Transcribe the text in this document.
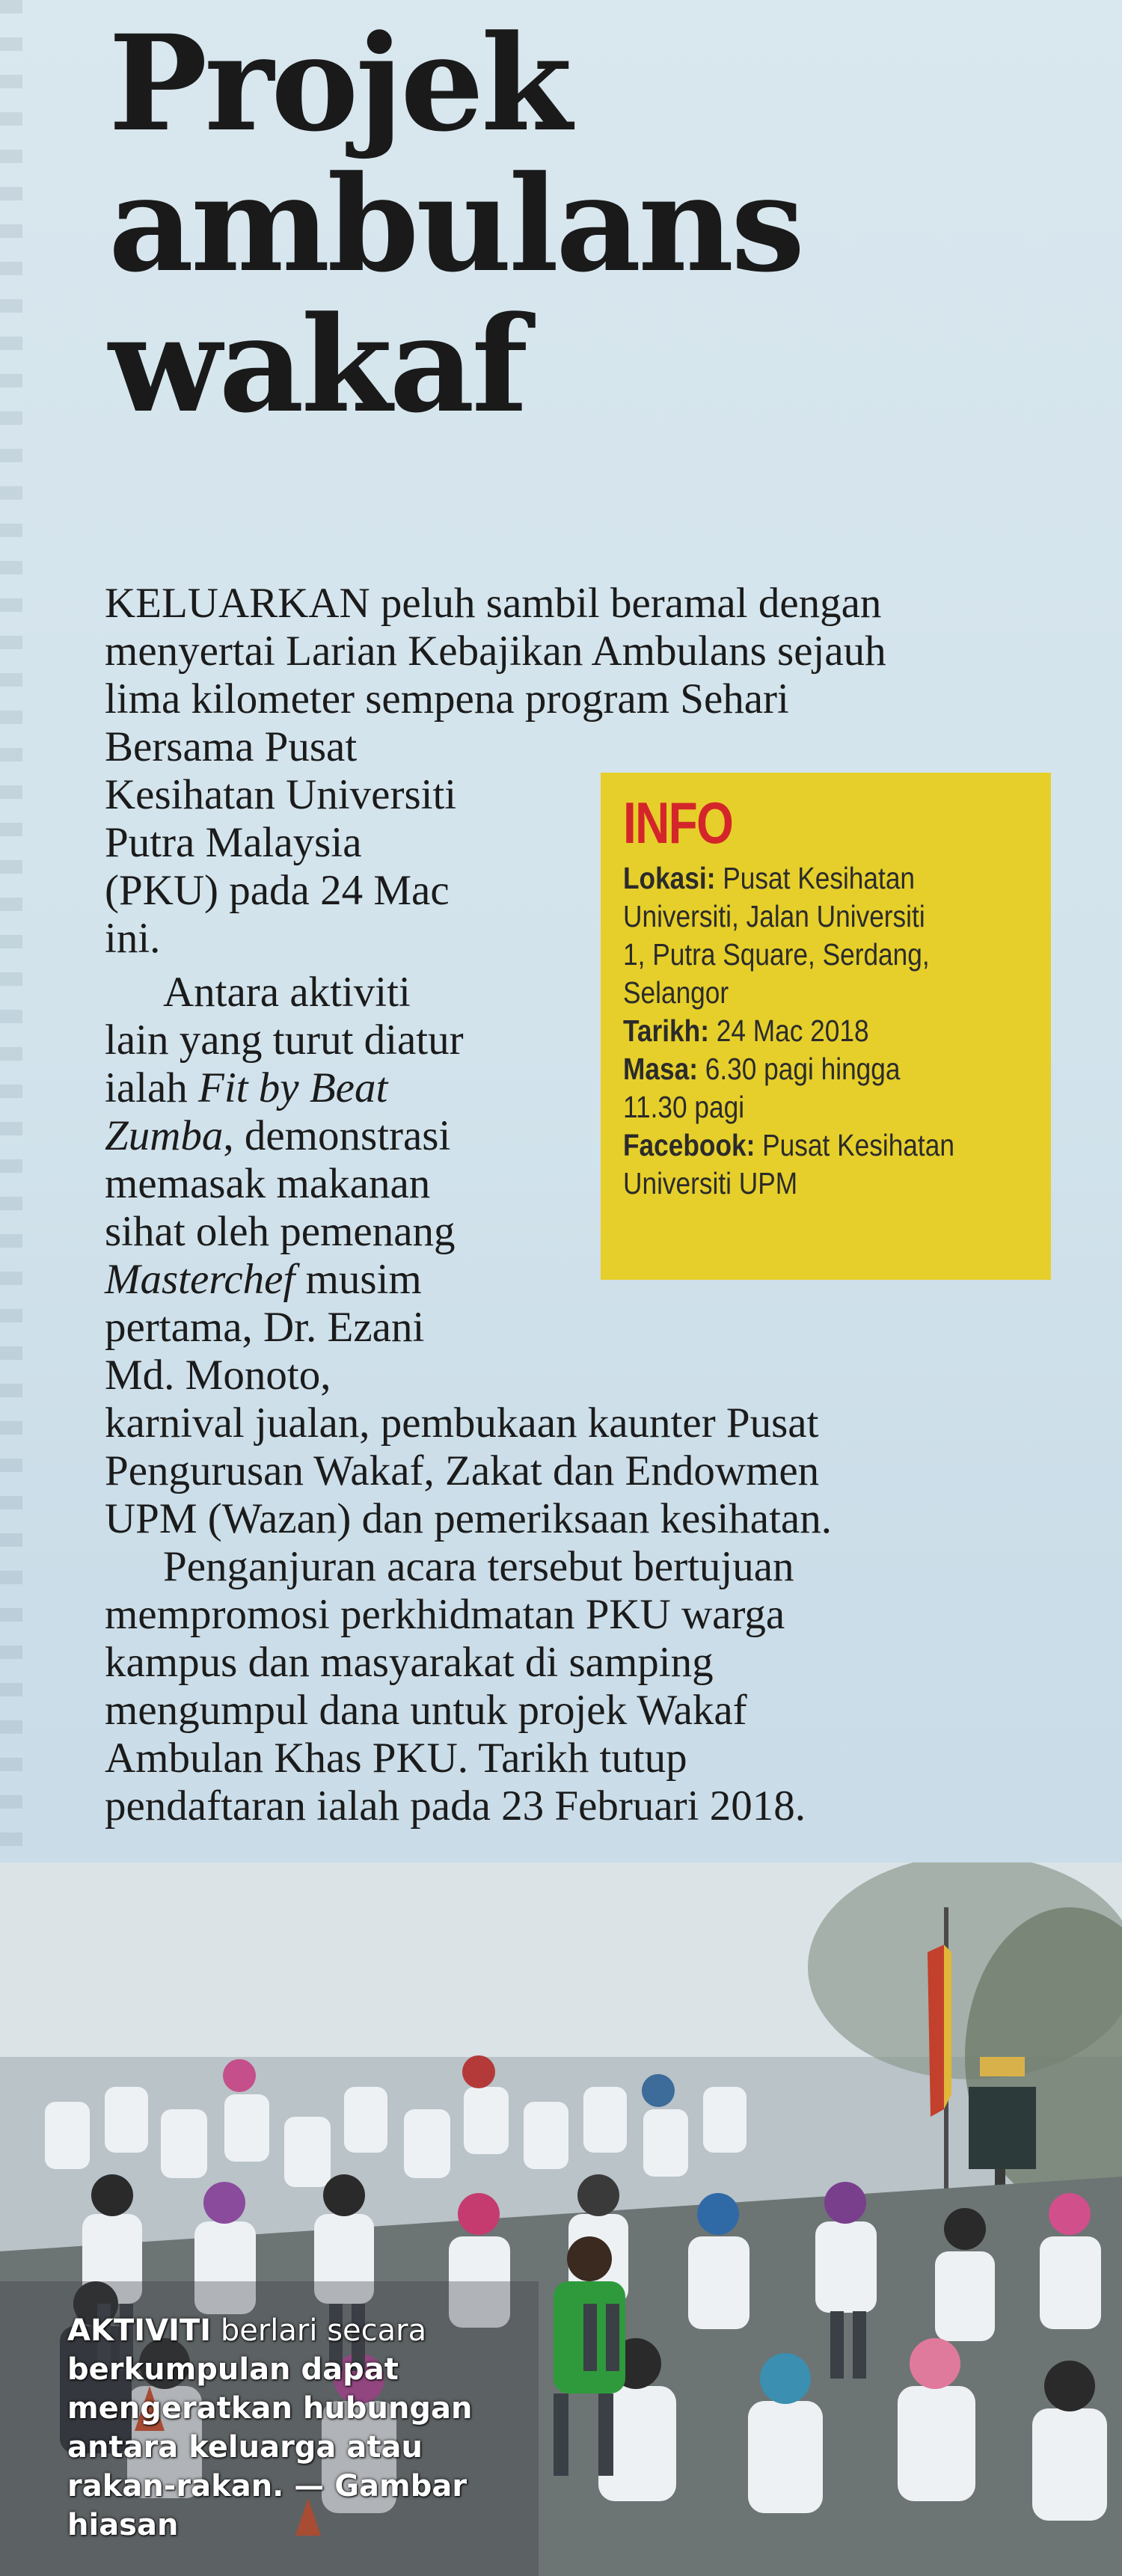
Projek
ambulans
wakaf
KELUARKAN peluh sambil beramal dengan
menyertai Larian Kebajikan Ambulans sejauh
lima kilometer sempena program Sehari
Bersama Pusat
Kesihatan Universiti
Putra Malaysia
(PKU) pada 24 Mac
ini.
Antara aktiviti
lain yang turut diatur
ialah Fit by Beat
Zumba, demonstrasi
memasak makanan
sihat oleh pemenang
Masterchef musim
pertama, Dr. Ezani
Md. Monoto,
karnival jualan, pembukaan kaunter Pusat
Pengurusan Wakaf, Zakat dan Endowmen
UPM (Wazan) dan pemeriksaan kesihatan.
Penganjuran acara tersebut bertujuan
mempromosi perkhidmatan PKU warga
kampus dan masyarakat di samping
mengumpul dana untuk projek Wakaf
Ambulan Khas PKU. Tarikh tutup
pendaftaran ialah pada 23 Februari 2018.
INFO
Lokasi: Pusat Kesihatan
Universiti, Jalan Universiti
1, Putra Square, Serdang,
Selangor
Tarikh: 24 Mac 2018
Masa: 6.30 pagi hingga
11.30 pagi
Facebook: Pusat Kesihatan
Universiti UPM
AKTIVITI berlari secara
berkumpulan dapat
mengeratkan hubungan
antara keluarga atau
rakan-rakan. — Gambar
hiasan
